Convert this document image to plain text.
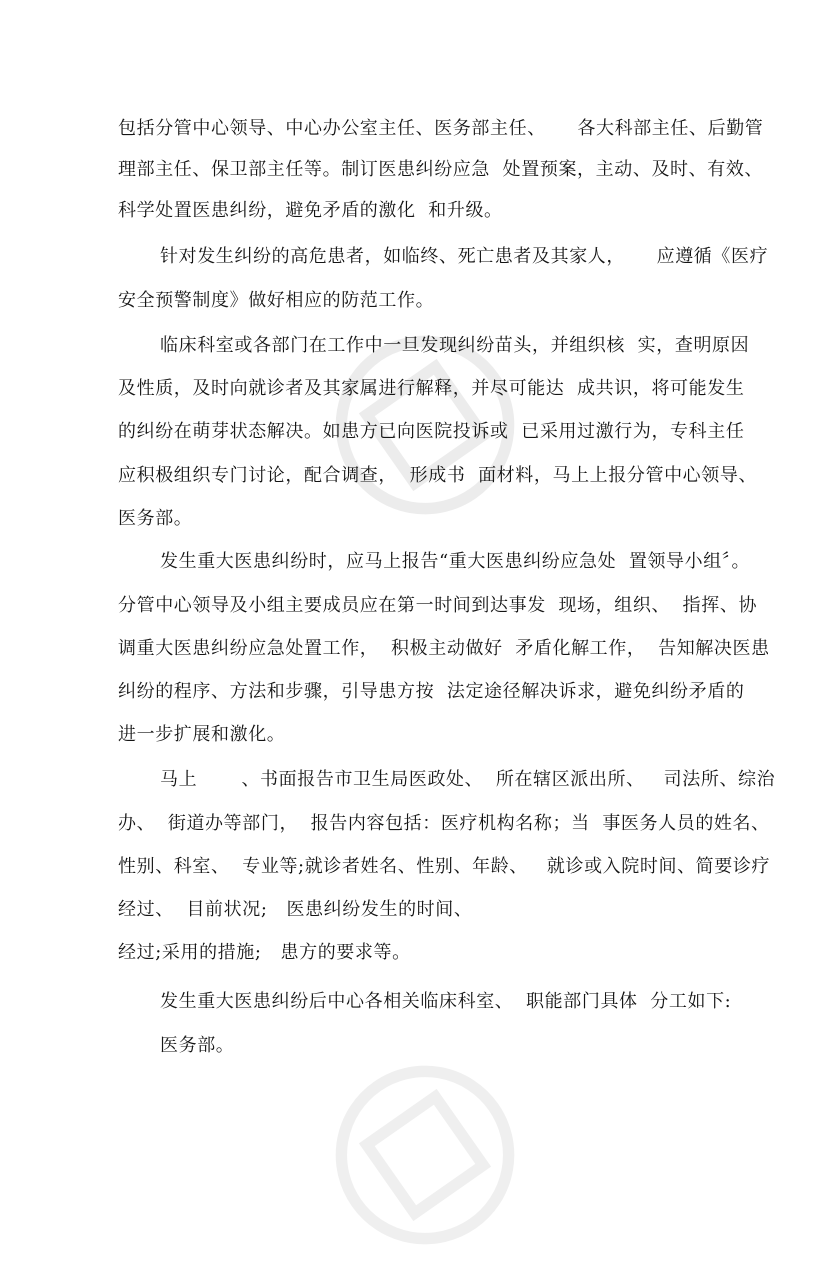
包括分管中心领导、中心办公室主任、医务部主任、     各大科部主任、后勤管
理部主任、保卫部主任等。制订医患纠纷应急  处置预案，主动、及时、有效、
科学处置医患纠纷，避免矛盾的激化  和升级。
针对发生纠纷的高危患者，如临终、死亡患者及其家人，     应遵循《医疗
安全预警制度》做好相应的防范工作。
临床科室或各部门在工作中一旦发现纠纷苗头，并组织核  实，查明原因
及性质，及时向就诊者及其家属进行解释，并尽可能达  成共识，将可能发生
的纠纷在萌芽状态解决。如患方已向医院投诉或  已采用过激行为，专科主任
应积极组织专门讨论，配合调查，  形成书  面材料，马上上报分管中心领导、
医务部。
发生重大医患纠纷时，应马上报告“重大医患纠纷应急处  置领导小组〞。
分管中心领导及小组主要成员应在第一时间到达事发  现场，组织、  指挥、协
调重大医患纠纷应急处置工作，  积极主动做好  矛盾化解工作，  告知解决医患
纠纷的程序、方法和步骤，引导患方按  法定途径解决诉求，避免纠纷矛盾的
进一步扩展和激化。
马上       、书面报告市卫生局医政处、  所在辖区派出所、   司法所、综治
办、  街道办等部门，  报告内容包括：医疗机构名称；当  事医务人员的姓名、
性别、科室、  专业等;就诊者姓名、性别、年龄、   就诊或入院时间、简要诊疗
经过、  目前状况;   医患纠纷发生的时间、
经过;采用的措施;   患方的要求等。
发生重大医患纠纷后中心各相关临床科室、  职能部门具体  分工如下:
医务部。
